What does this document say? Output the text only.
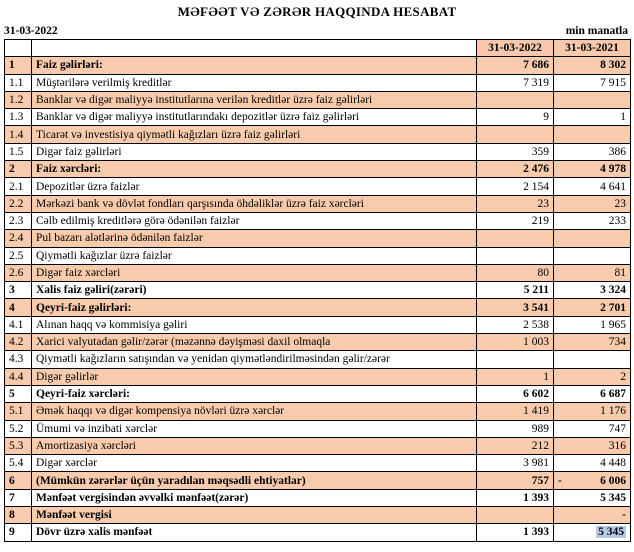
MƏFƏƏT VƏ ZƏRƏR HAQQINDA HESABAT
31-03-2022	min manatla
		31-03-2022	31-03-2021
1	Faiz gəlirləri:	7 686	8 302
1.1	Müştərilərə verilmiş kreditlər	7 319	7 915
1.2	Banklar və digər maliyyə institutlarına verilən kreditlər üzrə faiz gəlirləri		
1.3	Banklar və digər maliyyə institutlarındakı depozitlər üzrə faiz gəlirləri	9	1
1.4	Ticarət və investisiya qiymətli kağızları üzrə faiz gəlirləri		
1.5	Digər faiz gəlirləri	359	386
2	Faiz xərcləri:	2 476	4 978
2.1	Depozitlər üzrə faizlər	2 154	4 641
2.2	Mərkəzi bank və dövlət fondları qarşısında öhdəliklər üzrə faiz xərcləri	23	23
2.3	Cəlb edilmiş kreditlərə görə ödənilən faizlər	219	233
2.4	Pul bazarı alətlərinə ödənilən faizlər		
2.5	Qiymətli kağızlar üzrə faizlər		
2.6	Digər faiz xərcləri	80	81
3	Xalis faiz gəliri(zərəri)	5 211	3 324
4	Qeyri-faiz gəlirləri:	3 541	2 701
4.1	Alınan haqq və kommisiya gəliri	2 538	1 965
4.2	Xarici valyutadan gəlir/zərər (məzənnə dəyişməsi daxil olmaqla	1 003	734
4.3	Qiymətli kağızların satışından və yenidən qiymətləndirilməsindən gəlir/zərər		
4.4	Digər gəlirlər	1	2
5	Qeyri-faiz xərcləri:	6 602	6 687
5.1	Əmək haqqı və digər kompensiya növləri üzrə xərclər	1 419	1 176
5.2	Ümumi və inzibati xərclər	989	747
5.3	Amortizasiya xərcləri	212	316
5.4	Digər xərclər	3 981	4 448
6	(Mümkün zərərlər üçün yaradılan məqsədli ehtiyatlar)	757	- 6 006

7	Mənfəət vergisindən əvvəlki mənfəət(zərər)	1 393	5 345
8	Mənfəət vergisi		-
9	Dövr üzrə xalis mənfəət	1 393	5 345
